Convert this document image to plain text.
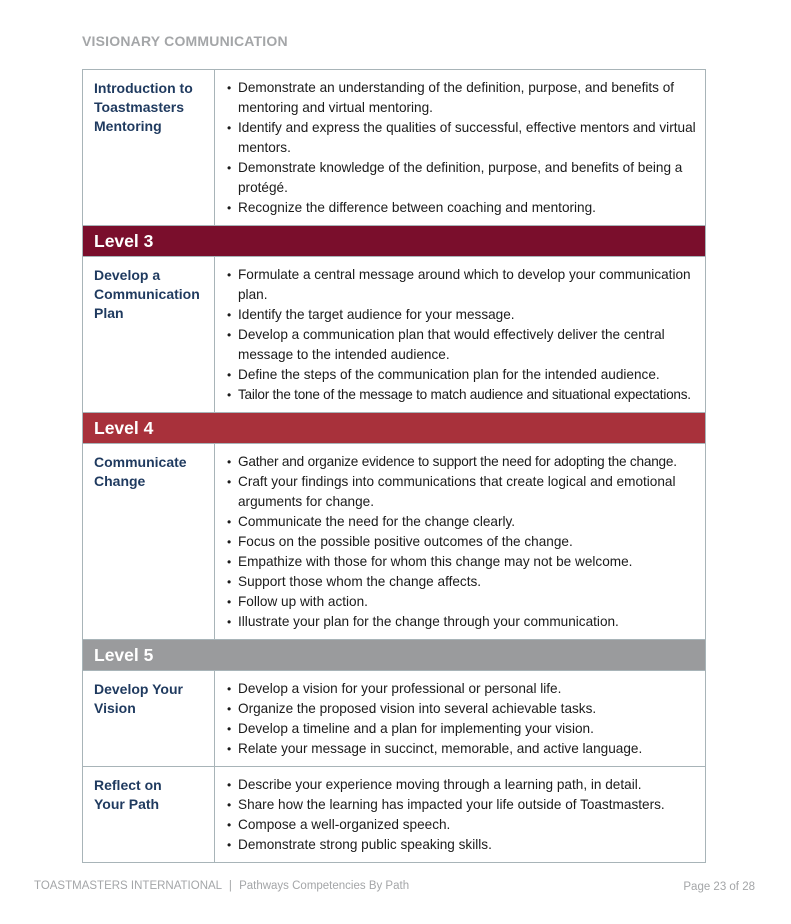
VISIONARY COMMUNICATION
Introduction to
Toastmasters
Mentoring
• Demonstrate an understanding of the definition, purpose, and benefits of mentoring and virtual mentoring.
• Identify and express the qualities of successful, effective mentors and virtual mentors.
• Demonstrate knowledge of the definition, purpose, and benefits of being a protégé.
• Recognize the difference between coaching and mentoring.
Level 3
Develop a
Communication
Plan
• Formulate a central message around which to develop your communication plan.
• Identify the target audience for your message.
• Develop a communication plan that would effectively deliver the central message to the intended audience.
• Define the steps of the communication plan for the intended audience.
• Tailor the tone of the message to match audience and situational expectations.
Level 4
Communicate
Change
• Gather and organize evidence to support the need for adopting the change.
• Craft your findings into communications that create logical and emotional arguments for change.
• Communicate the need for the change clearly.
• Focus on the possible positive outcomes of the change.
• Empathize with those for whom this change may not be welcome.
• Support those whom the change affects.
• Follow up with action.
• Illustrate your plan for the change through your communication.
Level 5
Develop Your
Vision
• Develop a vision for your professional or personal life.
• Organize the proposed vision into several achievable tasks.
• Develop a timeline and a plan for implementing your vision.
• Relate your message in succinct, memorable, and active language.
Reflect on
Your Path
• Describe your experience moving through a learning path, in detail.
• Share how the learning has impacted your life outside of Toastmasters.
• Compose a well-organized speech.
• Demonstrate strong public speaking skills.
TOASTMASTERS INTERNATIONAL | Pathways Competencies By Path	Page 23 of 28
